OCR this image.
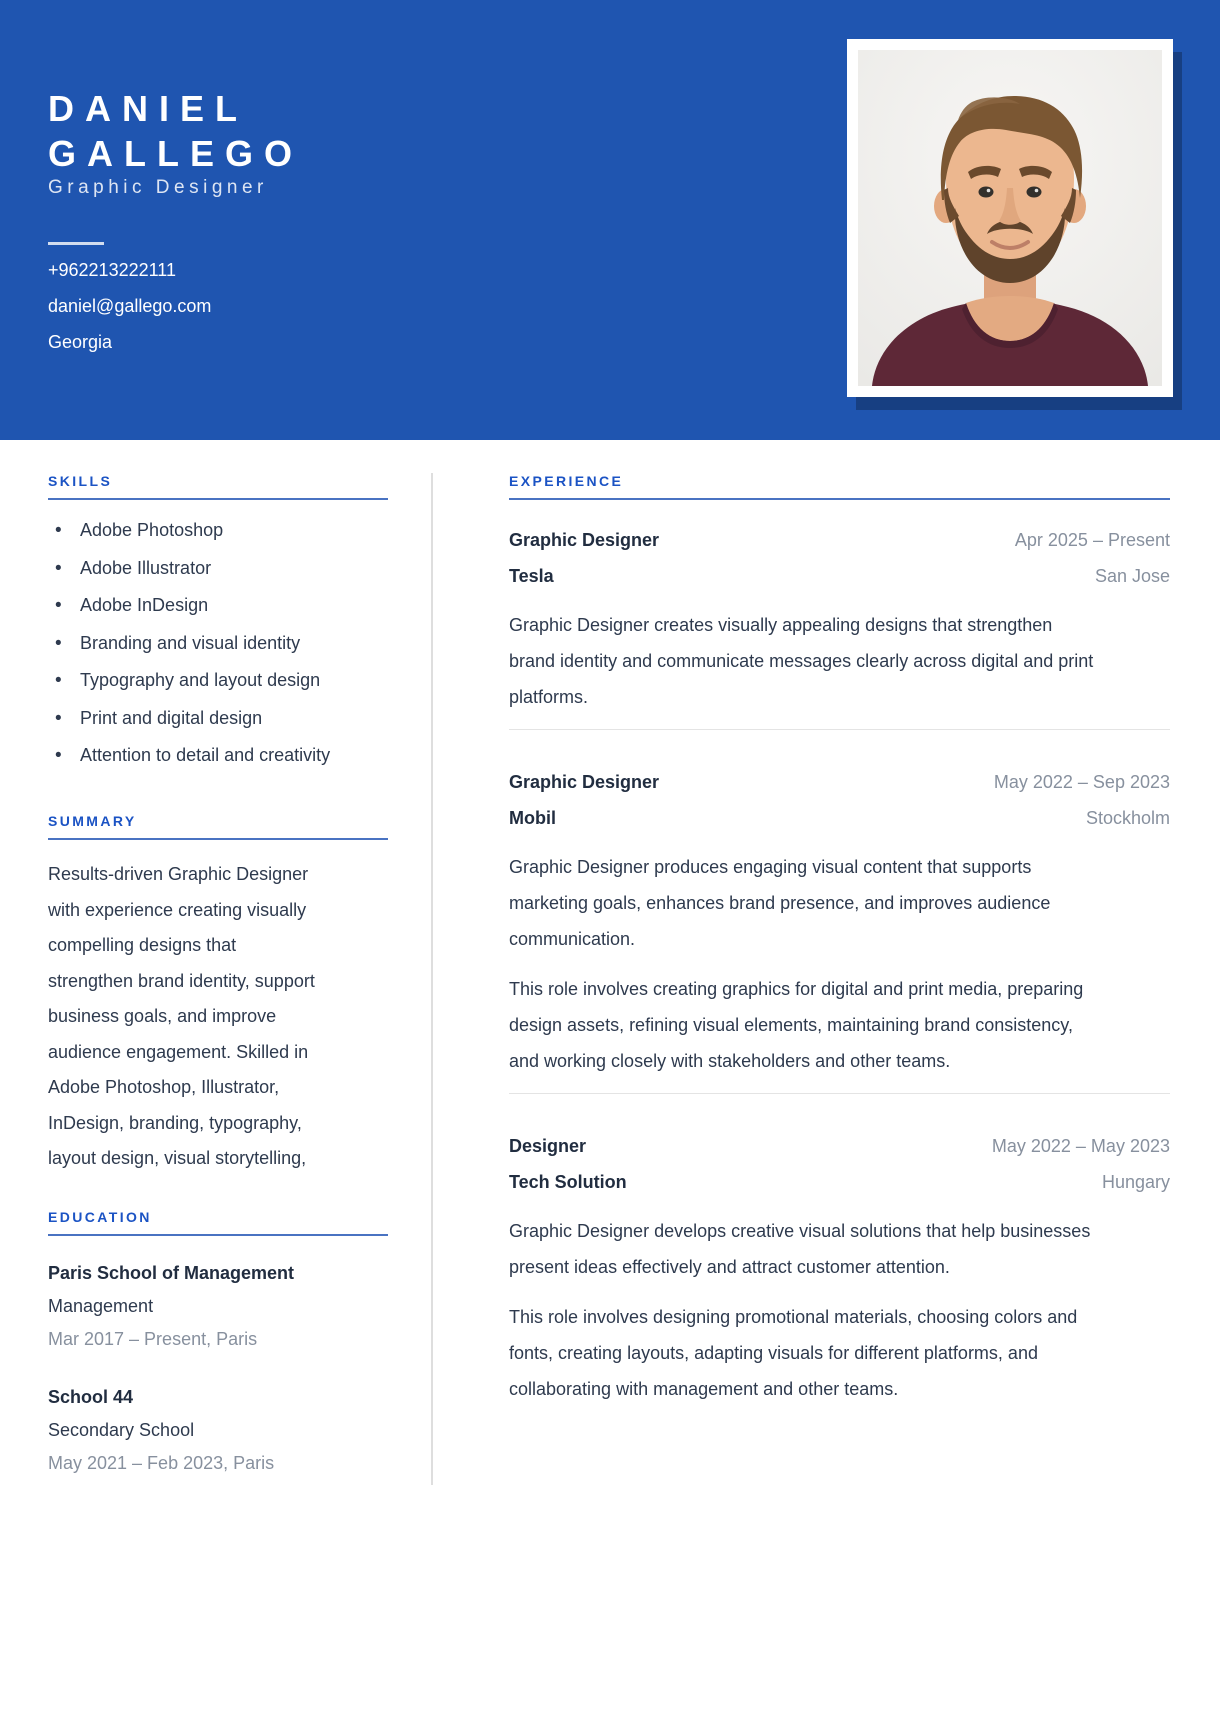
DANIEL
GALLEGO
Graphic Designer
+962213222111
daniel@gallego.com
Georgia
SKILLS
• Adobe Photoshop
• Adobe Illustrator
• Adobe InDesign
• Branding and visual identity
• Typography and layout design
• Print and digital design
• Attention to detail and creativity
SUMMARY

Results-driven Graphic Designer with experience creating visually compelling designs that strengthen brand identity, support business goals, and improve audience engagement. Skilled in Adobe Photoshop, Illustrator, InDesign, branding, typography, layout design, visual storytelling,

EDUCATION
Paris School of Management
Management
Mar 2017 – Present, Paris
School 44
Secondary School
May 2021 – Feb 2023, Paris
EXPERIENCE
Graphic Designer	Apr 2025 – Present
Tesla	San Jose

Graphic Designer creates visually appealing designs that strengthen brand identity and communicate messages clearly across digital and print platforms.

Graphic Designer	May 2022 – Sep 2023
Mobil	Stockholm

Graphic Designer produces engaging visual content that supports marketing goals, enhances brand presence, and improves audience communication.

This role involves creating graphics for digital and print media, preparing design assets, refining visual elements, maintaining brand consistency, and working closely with stakeholders and other teams.

Designer	May 2022 – May 2023
Tech Solution	Hungary

Graphic Designer develops creative visual solutions that help businesses present ideas effectively and attract customer attention.

This role involves designing promotional materials, choosing colors and fonts, creating layouts, adapting visuals for different platforms, and collaborating with management and other teams.
